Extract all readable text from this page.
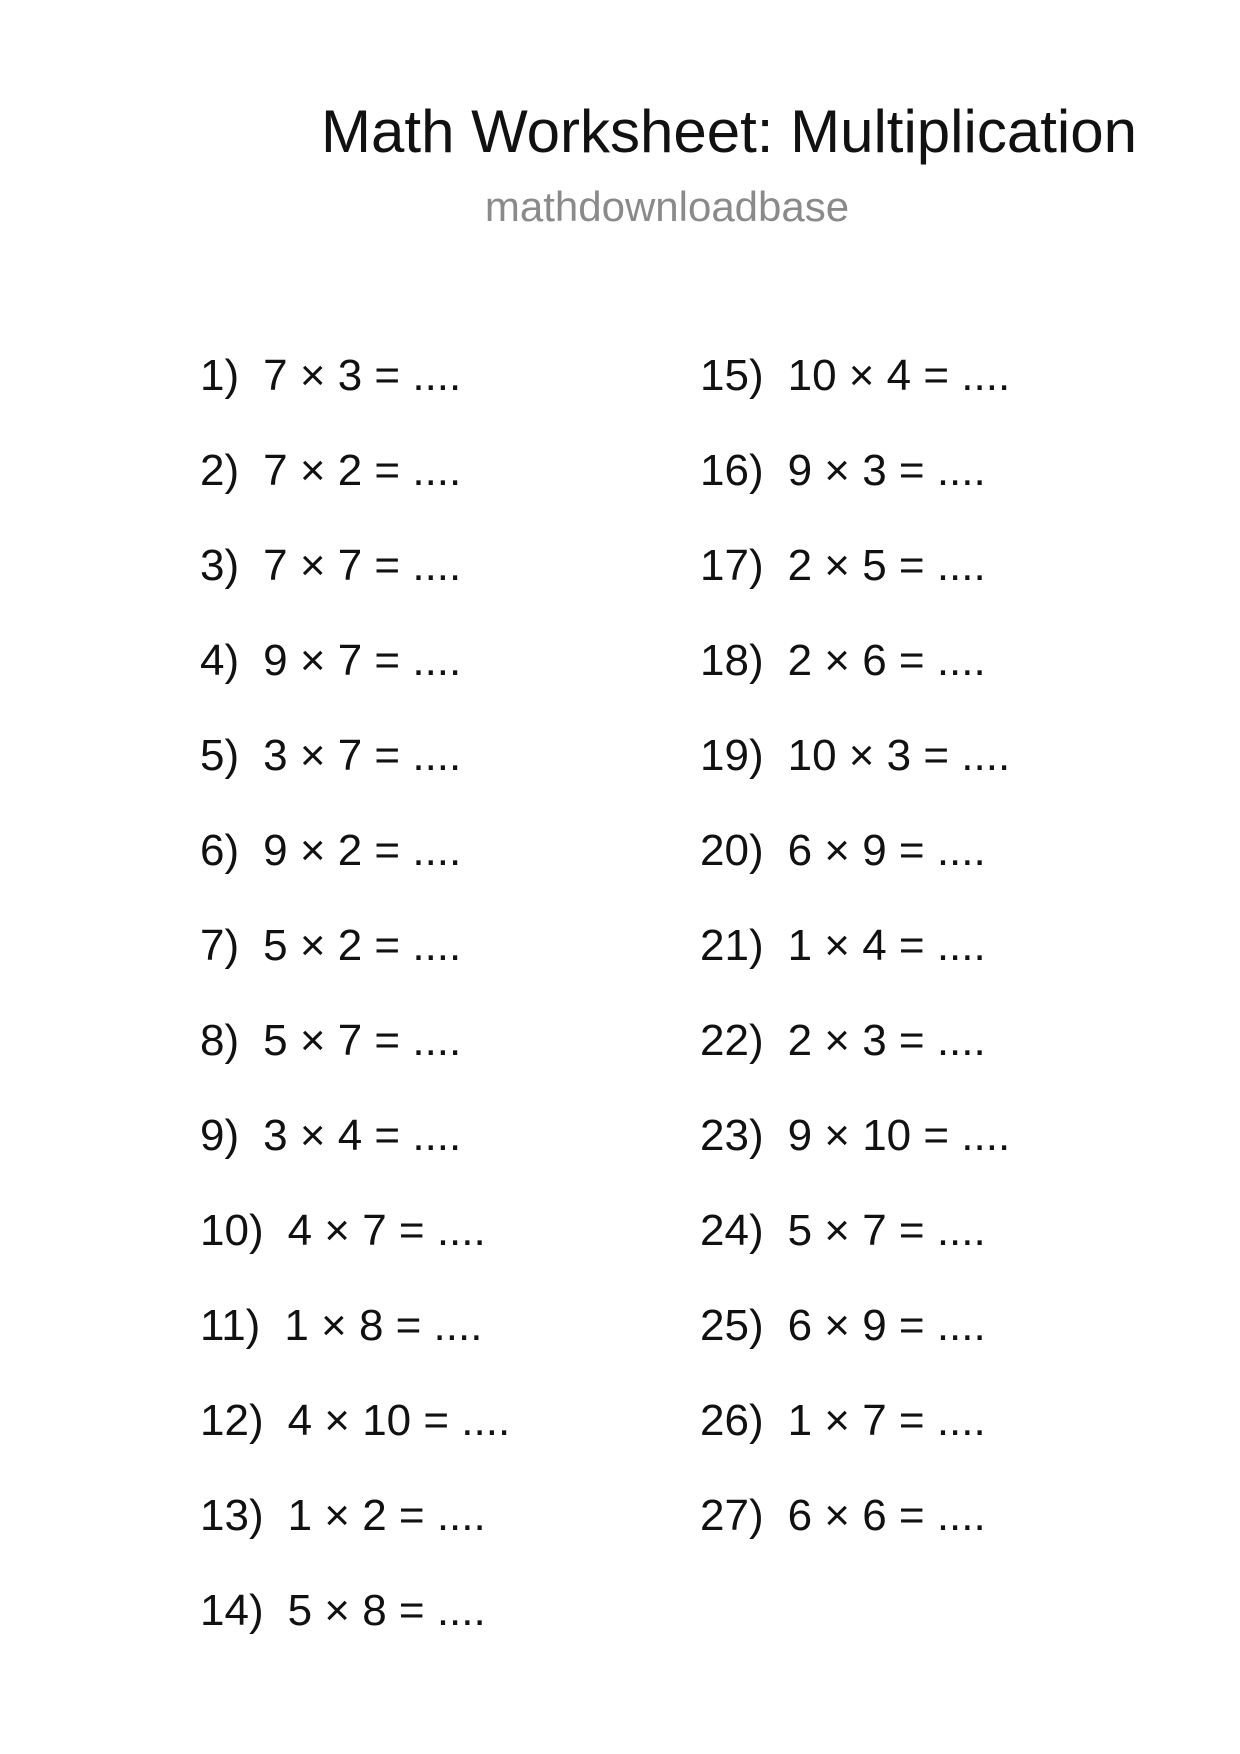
Math Worksheet: Multiplication
mathdownloadbase
1) 7 × 3 = ....
2) 7 × 2 = ....
3) 7 × 7 = ....
4) 9 × 7 = ....
5) 3 × 7 = ....
6) 9 × 2 = ....
7) 5 × 2 = ....
8) 5 × 7 = ....
9) 3 × 4 = ....
10) 4 × 7 = ....
11) 1 × 8 = ....
12) 4 × 10 = ....
13) 1 × 2 = ....
14) 5 × 8 = ....
15) 10 × 4 = ....
16) 9 × 3 = ....
17) 2 × 5 = ....
18) 2 × 6 = ....
19) 10 × 3 = ....
20) 6 × 9 = ....
21) 1 × 4 = ....
22) 2 × 3 = ....
23) 9 × 10 = ....
24) 5 × 7 = ....
25) 6 × 9 = ....
26) 1 × 7 = ....
27) 6 × 6 = ....
